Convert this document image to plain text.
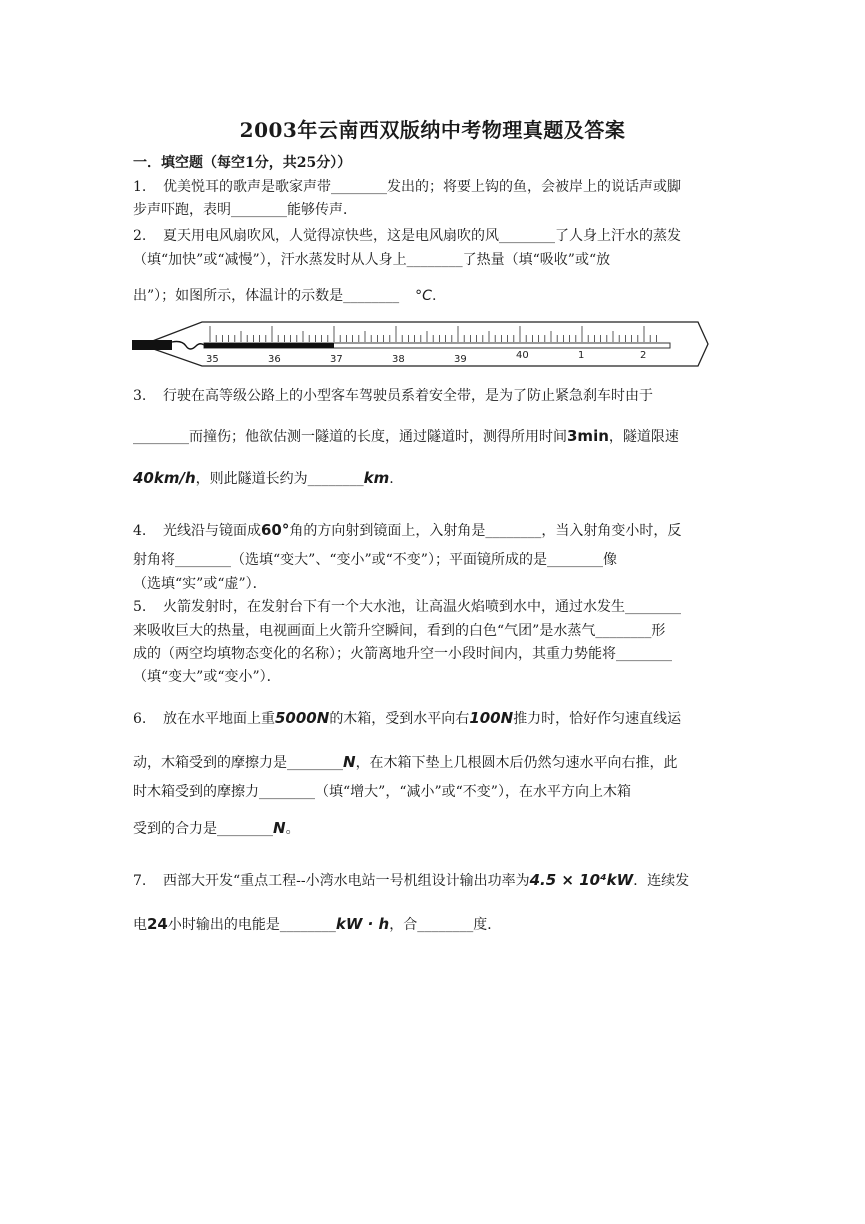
2003年云南西双版纳中考物理真题及答案
一．填空题（每空1分，共25分））
1. 优美悦耳的歌声是歌家声带________发出的；将要上钩的鱼，会被岸上的说话声或脚
步声吓跑，表明________能够传声．
2. 夏天用电风扇吹风，人觉得凉快些，这是电风扇吹的风________了人身上汗水的蒸发
（填“加快”或“减慢”），汗水蒸发时从人身上________了热量（填“吸收”或“放
出”）；如图所示，体温计的示数是________ °C.
35	36	37	38	39	40	1	2
3. 行驶在高等级公路上的小型客车驾驶员系着安全带，是为了防止紧急刹车时由于
________而撞伤；他欲估测一隧道的长度，通过隧道时，测得所用时间3min，隧道限速
40km/h，则此隧道长约为________km.
4. 光线沿与镜面成60°角的方向射到镜面上，入射角是________，当入射角变小时，反
射角将________（选填“变大”、“变小”或“不变”）；平面镜所成的是________像
（选填“实”或“虚”）．
5. 火箭发射时，在发射台下有一个大水池，让高温火焰喷到水中，通过水发生________
来吸收巨大的热量，电视画面上火箭升空瞬间，看到的白色“气团”是水蒸气________形
成的（两空均填物态变化的名称）；火箭离地升空一小段时间内，其重力势能将________
（填“变大”或“变小”）．
6. 放在水平地面上重5000N的木箱，受到水平向右100N推力时，恰好作匀速直线运
动，木箱受到的摩擦力是________N，在木箱下垫上几根圆木后仍然匀速水平向右推，此
时木箱受到的摩擦力________（填“增大”，“减小”或“不变”），在水平方向上木箱
受到的合力是________N。
7. 西部大开发“重点工程--小湾水电站一号机组设计输出功率为4.5 × 10⁴kW．连续发
电24小时输出的电能是________kW · h，合________度．
